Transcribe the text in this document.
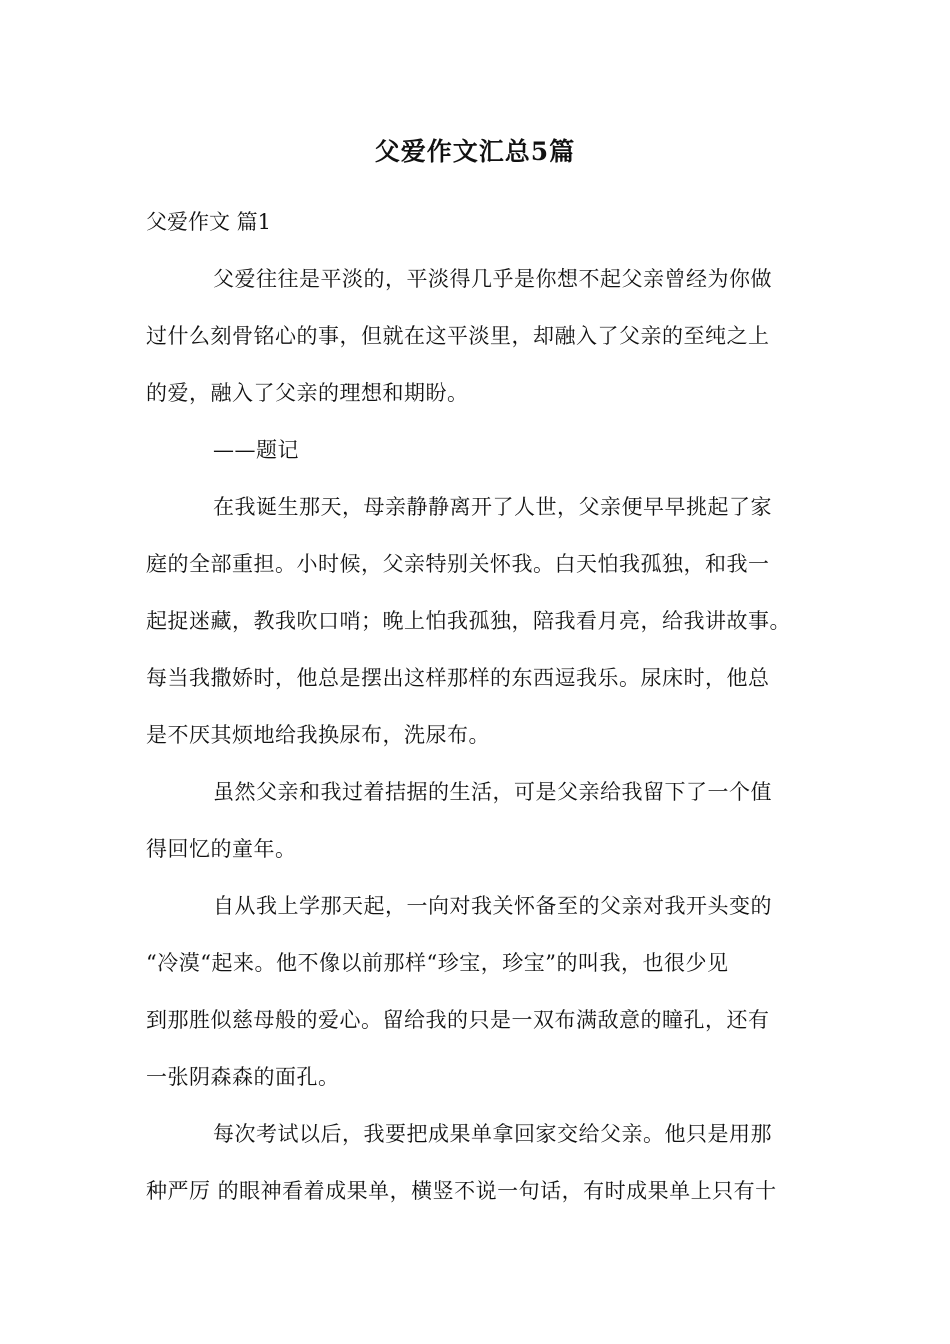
父爱作文汇总5篇
父爱作文 篇1
父爱往往是平淡的，平淡得几乎是你想不起父亲曾经为你做
过什么刻骨铭心的事，但就在这平淡里，却融入了父亲的至纯之上
的爱，融入了父亲的理想和期盼。
——题记
在我诞生那天，母亲静静离开了人世，父亲便早早挑起了家
庭的全部重担。小时候，父亲特别关怀我。白天怕我孤独，和我一
起捉迷藏，教我吹口哨；晚上怕我孤独，陪我看月亮，给我讲故事。
每当我撒娇时，他总是摆出这样那样的东西逗我乐。尿床时，他总
是不厌其烦地给我换尿布，洗尿布。
虽然父亲和我过着拮据的生活，可是父亲给我留下了一个值
得回忆的童年。
自从我上学那天起，一向对我关怀备至的父亲对我开头变的
“冷漠“起来。他不像以前那样“珍宝，珍宝”的叫我，也很少见
到那胜似慈母般的爱心。留给我的只是一双布满敌意的瞳孔，还有
一张阴森森的面孔。
每次考试以后，我要把成果单拿回家交给父亲。他只是用那
种严厉 的眼神看着成果单，横竖不说一句话，有时成果单上只有十
